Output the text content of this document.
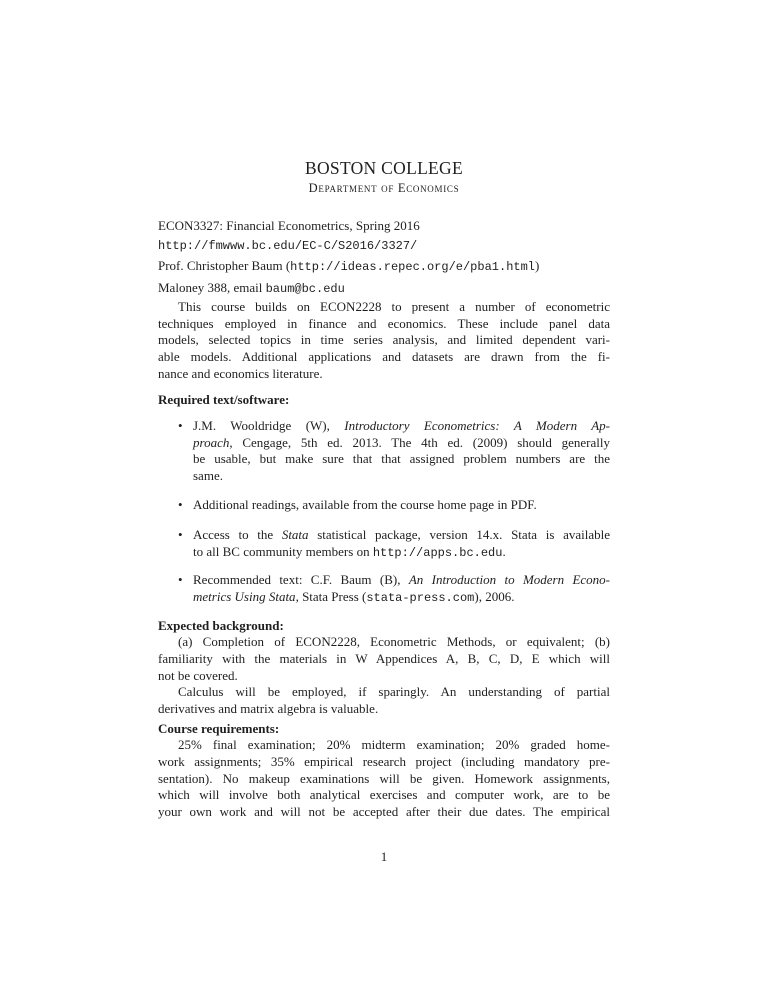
BOSTON COLLEGE
Department of Economics
ECON3327: Financial Econometrics, Spring 2016
http://fmwww.bc.edu/EC-C/S2016/3327/
Prof. Christopher Baum (http://ideas.repec.org/e/pba1.html)
Maloney 388, email baum@bc.edu
This course builds on ECON2228 to present a number of econometric
techniques employed in finance and economics. These include panel data
models, selected topics in time series analysis, and limited dependent vari-
able models. Additional applications and datasets are drawn from the fi-
nance and economics literature.
Required text/software:
• J.M. Wooldridge (W), Introductory Econometrics: A Modern Ap-
proach, Cengage, 5th ed. 2013. The 4th ed. (2009) should generally
be usable, but make sure that that assigned problem numbers are the
same.
• Additional readings, available from the course home page in PDF.
• Access to the Stata statistical package, version 14.x. Stata is available
to all BC community members on http://apps.bc.edu.
• Recommended text: C.F. Baum (B), An Introduction to Modern Econo-
metrics Using Stata, Stata Press (stata-press.com), 2006.
Expected background:
(a) Completion of ECON2228, Econometric Methods, or equivalent; (b)
familiarity with the materials in W Appendices A, B, C, D, E which will
not be covered.
Calculus will be employed, if sparingly. An understanding of partial
derivatives and matrix algebra is valuable.
Course requirements:
25% final examination; 20% midterm examination; 20% graded home-
work assignments; 35% empirical research project (including mandatory pre-
sentation). No makeup examinations will be given. Homework assignments,
which will involve both analytical exercises and computer work, are to be
your own work and will not be accepted after their due dates. The empirical
1
